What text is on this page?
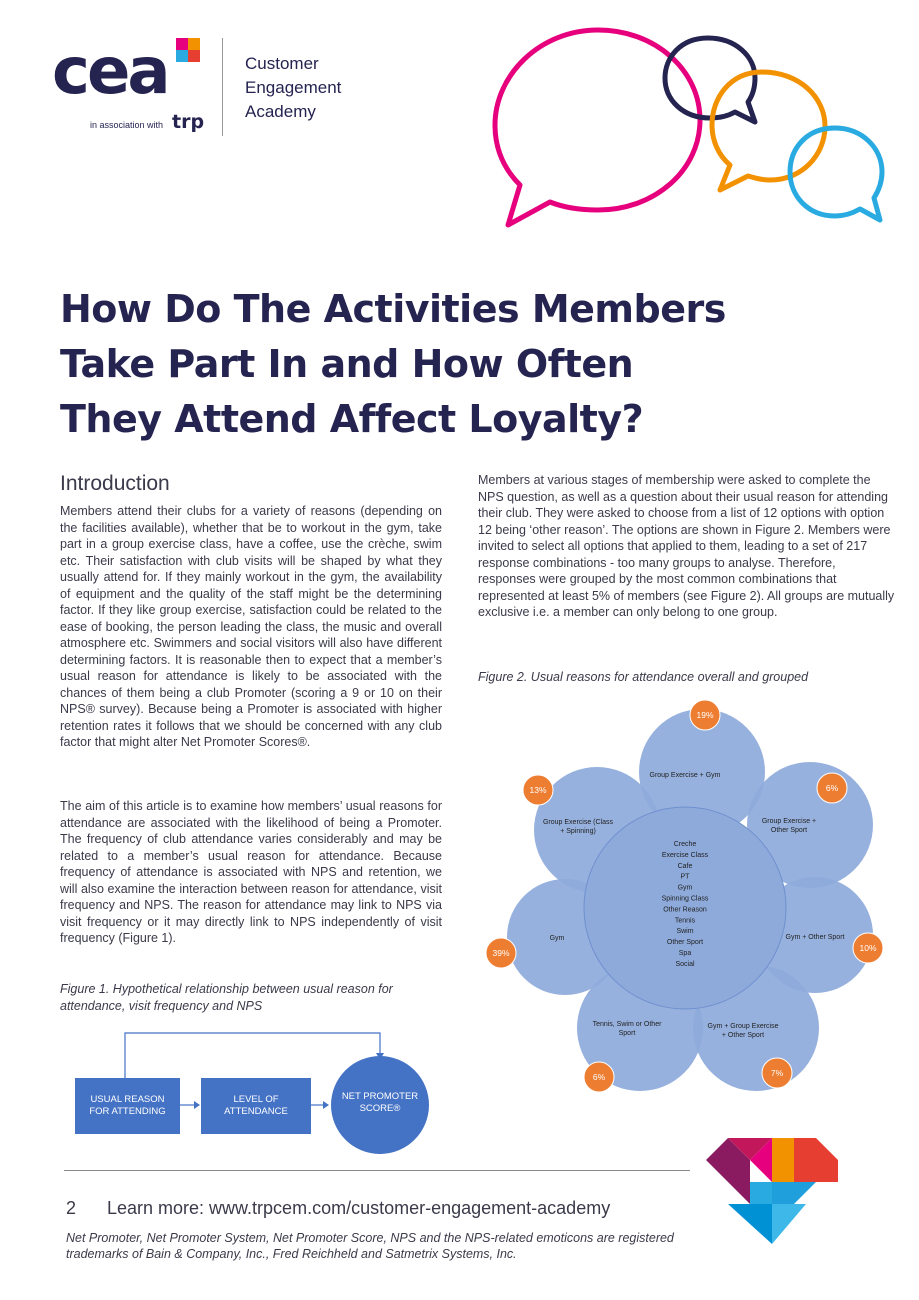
cea
in association with trp
Customer
Engagement
Academy
How Do The Activities Members
Take Part In and How Often
They Attend Affect Loyalty?
Introduction
Members attend their clubs for a variety of reasons (depending on the facilities available), whether that be to workout in the gym, take part in a group exercise class, have a coffee, use the crèche, swim etc. Their satisfaction with club visits will be shaped by what they usually attend for. If they mainly workout in the gym, the availability of equipment and the quality of the staff might be the determining factor. If they like group exercise, satisfaction could be related to the ease of booking, the person leading the class, the music and overall atmosphere etc. Swimmers and social visitors will also have different determining factors. It is reasonable then to expect that a member’s usual reason for attendance is likely to be associated with the chances of them being a club Promoter (scoring a 9 or 10 on their NPS® survey). Because being a Promoter is associated with higher retention rates it follows that we should be concerned with any club factor that might alter Net Promoter Scores®.
The aim of this article is to examine how members’ usual reasons for attendance are associated with the likelihood of being a Promoter. The frequency of club attendance varies considerably and may be related to a member’s usual reason for attendance. Because frequency of attendance is associated with NPS and retention, we will also examine the interaction between reason for attendance, visit frequency and NPS. The reason for attendance may link to NPS via visit frequency or it may directly link to NPS independently of visit frequency (Figure 1).
Figure 1. Hypothetical relationship between usual reason for attendance, visit frequency and NPS
USUAL REASON
FOR ATTENDING
LEVEL OF
ATTENDANCE
NET PROMOTER
SCORE®
Members at various stages of membership were asked to complete the NPS question, as well as a question about their usual reason for attending their club. They were asked to choose from a list of 12 options with option 12 being ‘other reason’. The options are shown in Figure 2. Members were invited to select all options that applied to them, leading to a set of 217 response combinations - too many groups to analyse. Therefore, responses were grouped by the most common combinations that represented at least 5% of members (see Figure 2). All groups are mutually exclusive i.e. a member can only belong to one group.
Figure 2. Usual reasons for attendance overall and grouped
Group Exercise + Gym
Group Exercise +
Other Sport
Gym + Other Sport
Gym + Group Exercise
+ Other Sport
Tennis, Swim or Other
Sport
Gym
Group Exercise (Class
+ Spinning)
Creche
Exercise Class
Cafe
PT
Gym
Spinning Class
Other Reason
Tennis
Swim
Other Sport
Spa
Social
19%
6%
10%
7%
6%
39%
13%
2 Learn more: www.trpcem.com/customer-engagement-academy
Net Promoter, Net Promoter System, Net Promoter Score, NPS and the NPS-related emoticons are registered trademarks of Bain & Company, Inc., Fred Reichheld and Satmetrix Systems, Inc.
